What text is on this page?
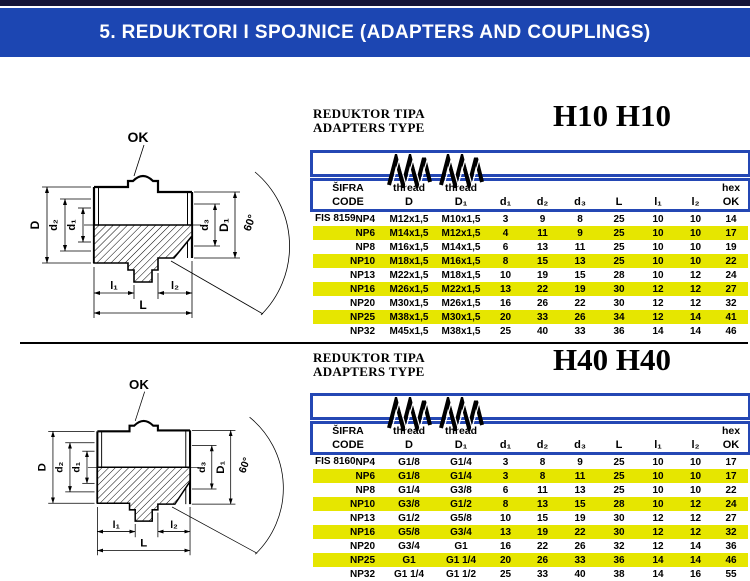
5. REDUKTORI I SPOJNICE (ADAPTERS AND COUPLINGS)
REDUKTOR TIPA
ADAPTERS TYPE	H10 H10
OK
D d₂ d₁	d₃ D₁ 60°
l₁	l₂
L
ŠIFRA	thread	thread							hex
CODE	D	D₁	d₁	d₂	d₃	L	l₁	l₂	OK
FIS 8159 NP4	M12x1,5	M10x1,5	3	9	8	25	10	10	14

NP6	M14x1,5	M12x1,5	4	11	9	25	10	10	17

NP8	M16x1,5	M14x1,5	6	13	11	25	10	10	19

NP10	M18x1,5	M16x1,5	8	15	13	25	10	10	22

NP13	M22x1,5	M18x1,5	10	19	15	28	10	12	24

NP16	M26x1,5	M22x1,5	13	22	19	30	12	12	27

NP20	M30x1,5	M26x1,5	16	26	22	30	12	12	32

NP25	M38x1,5	M30x1,5	20	33	26	34	12	14	41

NP32	M45x1,5	M38x1,5	25	40	33	36	14	14	46
REDUKTOR TIPA
ADAPTERS TYPE	H40 H40
OK
D d₂ d₁	d₃ D₁ 60°
l₁	l₂
L
ŠIFRA	thread	thread							hex
CODE	D	D₁	d₁	d₂	d₃	L	l₁	l₂	OK
FIS 8160 NP4	G1/8	G1/4	3	8	9	25	10	10	17

NP6	G1/8	G1/4	3	8	11	25	10	10	17

NP8	G1/4	G3/8	6	11	13	25	10	10	22

NP10	G3/8	G1/2	8	13	15	28	10	12	24

NP13	G1/2	G5/8	10	15	19	30	12	12	27

NP16	G5/8	G3/4	13	19	22	30	12	12	32

NP20	G3/4	G1	16	22	26	32	12	14	36

NP25	G1	G1 1/4	20	26	33	36	14	14	46

NP32	G1 1/4	G1 1/2	25	33	40	38	14	16	55
